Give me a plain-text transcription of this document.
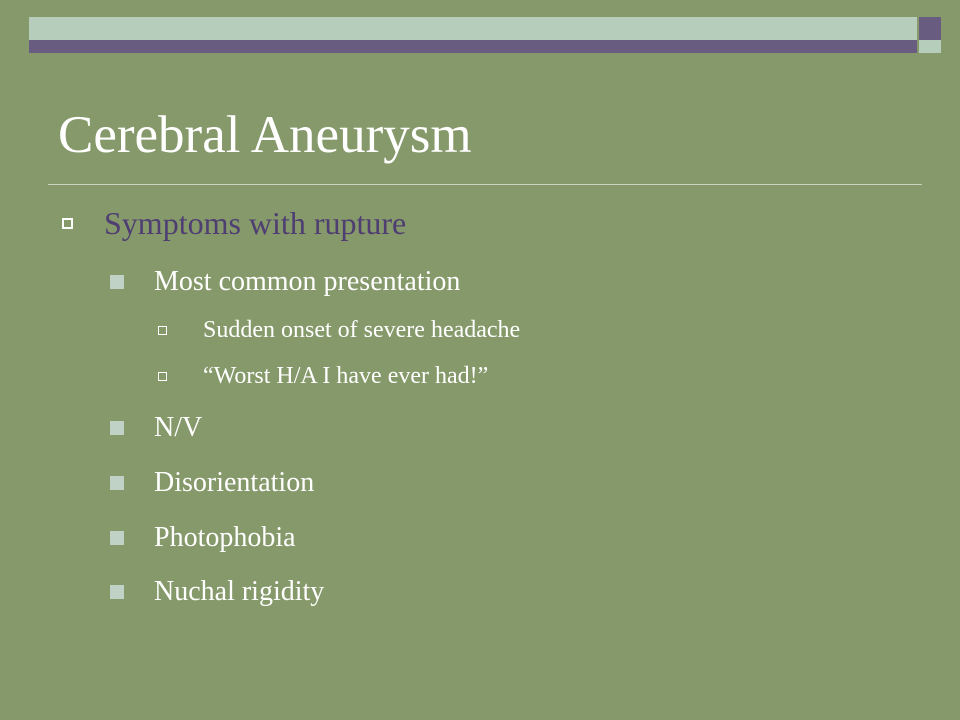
Cerebral Aneurysm
Symptoms with rupture
Most common presentation
Sudden onset of severe headache
“Worst H/A I have ever had!”
N/V
Disorientation
Photophobia
Nuchal rigidity
